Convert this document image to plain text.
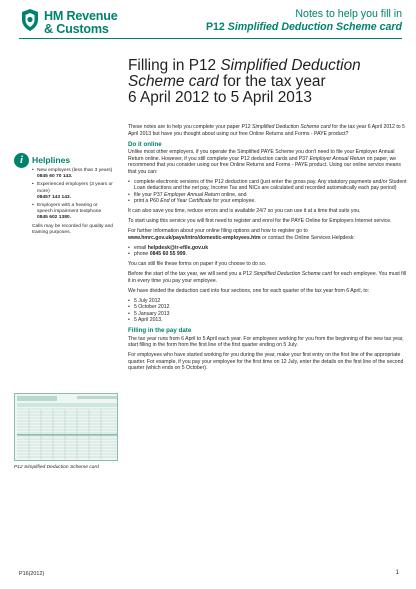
HM Revenue
& Customs
Notes to help you fill in
P12 Simplified Deduction Scheme card
Filling in P12 Simplified Deduction Scheme card for the tax year
6 April 2012 to 5 April 2013
i	Helplines
• New employers (less than 3 years)
0845 60 70 143.
• Experienced employers (3 years or more)
08457 143 143.
• Employers with a hearing or speech impairment textphone
0845 602 1380.
Calls may be recorded for quality and training purposes.
P12 Simplified Deduction Scheme card

These notes are to help you complete your paper P12 Simplified Deduction Scheme card for the tax year 6 April 2012 to 5 April 2013 but have you thought about using our free Online Returns and Forms - PAYE product?

Do it online

Unlike most other employers, if you operate the Simplified PAYE Scheme you don't need to file your Employer Annual Return online. However, if you still complete your P12 deduction cards and P37 Employer Annual Return on paper, we recommend that you consider using our free Online Returns and Forms - PAYE product. Using our online service means that you can:

• complete electronic versions of the P12 deduction card (just enter the gross pay. Any statutory payments and/or Student Loan deductions and the net pay, Income Tax and NICs are calculated and recorded automatically each pay period)
• file your P37 Employer Annual Return online, and
• print a P60 End of Year Certificate for your employee.

It can also save you time, reduce errors and is available 24/7 so you can use it at a time that suits you.

To start using this service you will first need to register and enrol for the PAYE Online for Employers Internet service.

For further information about your online filing options and how to register go to
www.hmrc.gov.uk/paye/intro/domestic-employees.htm or contact the Online Services Helpdesk:

• email helpdesk@ir-efile.gov.uk
• phone 0845 60 55 999.

You can still file these forms on paper if you choose to do so.

Before the start of the tax year, we will send you a P12 Simplified Deduction Scheme card for each employee. You must fill it in every time you pay your employee.

We have divided the deduction card into four sections, one for each quarter of the tax year from 6 April, to:

• 5 July 2012
• 5 October 2012
• 5 January 2013
• 5 April 2013.
Filling in the pay date

The tax year runs from 6 April to 5 April each year. For employees working for you from the beginning of the new tax year, start filling in the form from the first line of the first quarter ending on 5 July.

For employees who have started working for you during the year, make your first entry on the first line of the appropriate quarter. For example, if you pay your employee for the first time on 12 July, enter the details on the first line of the second quarter (which ends on 5 October).

P16(2012)	1
